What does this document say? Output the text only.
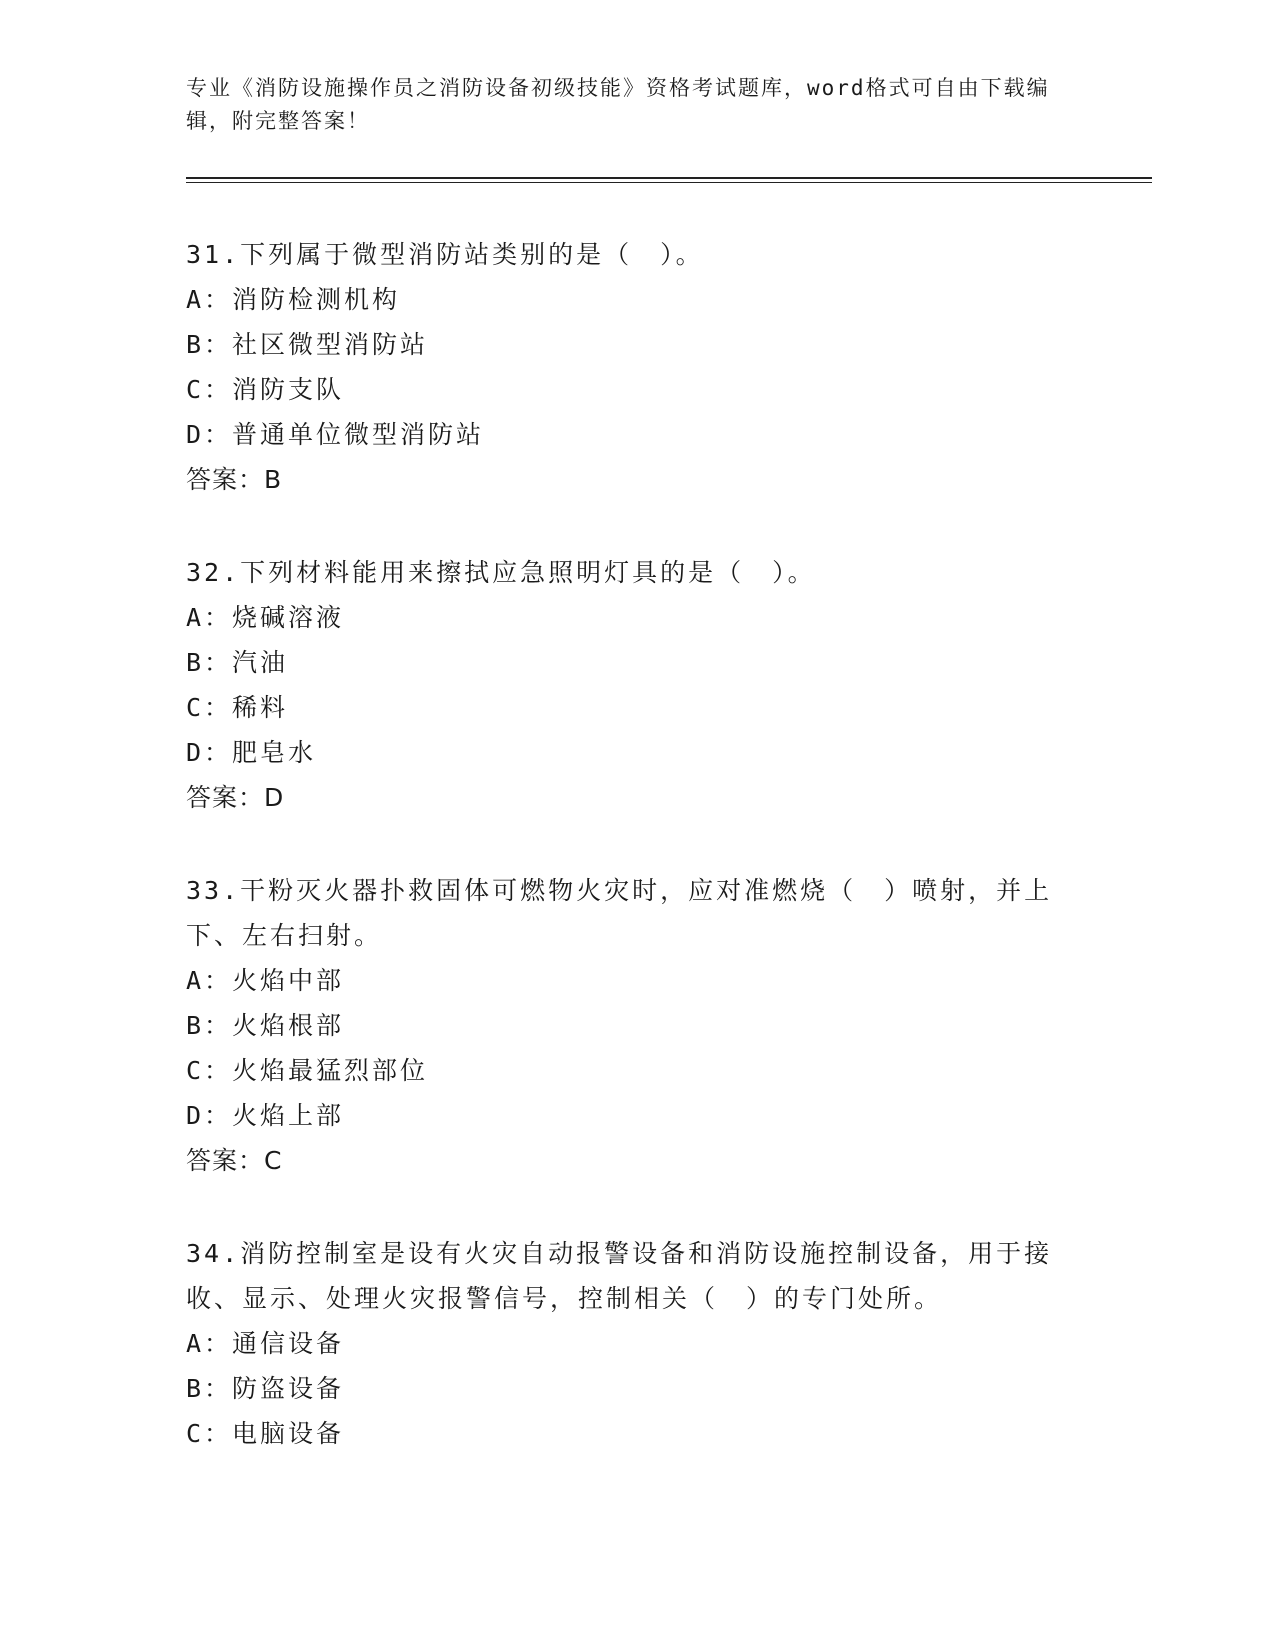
专业《消防设施操作员之消防设备初级技能》资格考试题库，word格式可自由下载编辑，附完整答案！
31.下列属于微型消防站类别的是（　）。
A：消防检测机构
B：社区微型消防站
C：消防支队
D：普通单位微型消防站
答案：B
32.下列材料能用来擦拭应急照明灯具的是（　）。
A：烧碱溶液
B：汽油
C：稀料
D：肥皂水
答案：D
33.干粉灭火器扑救固体可燃物火灾时，应对准燃烧（　）喷射，并上下、左右扫射。
A：火焰中部
B：火焰根部
C：火焰最猛烈部位
D：火焰上部
答案：C
34.消防控制室是设有火灾自动报警设备和消防设施控制设备，用于接收、显示、处理火灾报警信号，控制相关（　）的专门处所。
A：通信设备
B：防盗设备
C：电脑设备
